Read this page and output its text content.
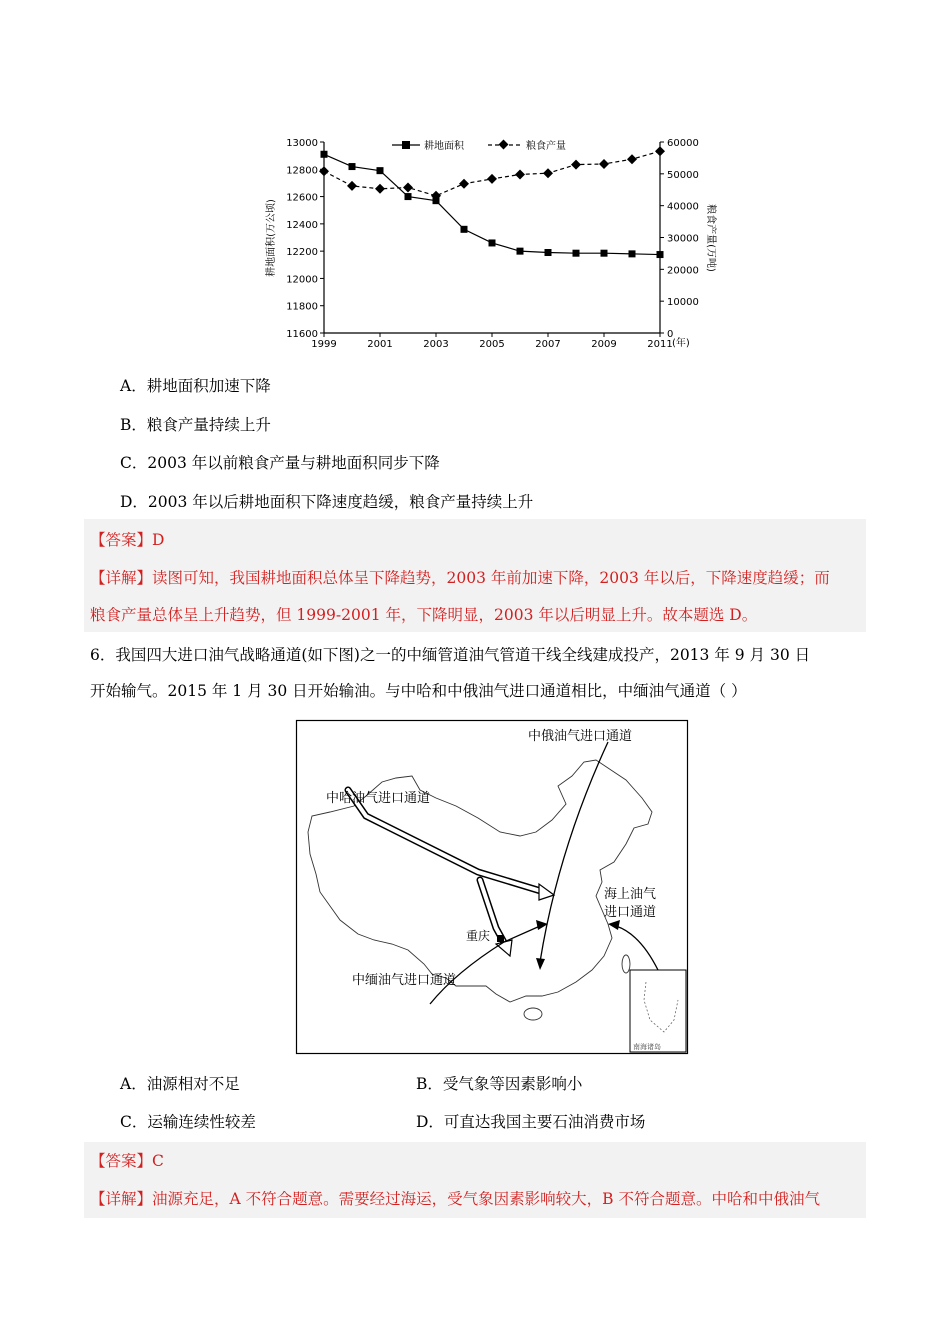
11600
11800
12000
12200
12400
12600
12800
13000
0
10000
20000
30000
40000
50000
60000
1999	2001	2003	2005	2007	2009	2011
耕地面积(万公顷)	粮食产量(万吨)
(年)
耕地面积	粮食产量
A．耕地面积加速下降
B．粮食产量持续上升
C．2003 年以前粮食产量与耕地面积同步下降
D．2003 年以后耕地面积下降速度趋缓，粮食产量持续上升
【答案】D
【详解】读图可知，我国耕地面积总体呈下降趋势，2003 年前加速下降，2003 年以后，下降速度趋缓；而
粮食产量总体呈上升趋势，但 1999-2001 年，下降明显，2003 年以后明显上升。故本题选 D。
6．我国四大进口油气战略通道(如下图)之一的中缅管道油气管道干线全线建成投产，2013 年 9 月 30 日
开始输气。2015 年 1 月 30 日开始输油。与中哈和中俄油气进口通道相比，中缅油气通道（ ）
中俄油气进口通道
中哈油气进口通道
海上油气
进口通道
重庆
中缅油气进口通道
南海诸岛
A．油源相对不足	B．受气象等因素影响小
C．运输连续性较差	D．可直达我国主要石油消费市场
【答案】C
【详解】油源充足，A 不符合题意。需要经过海运，受气象因素影响较大，B 不符合题意。中哈和中俄油气
